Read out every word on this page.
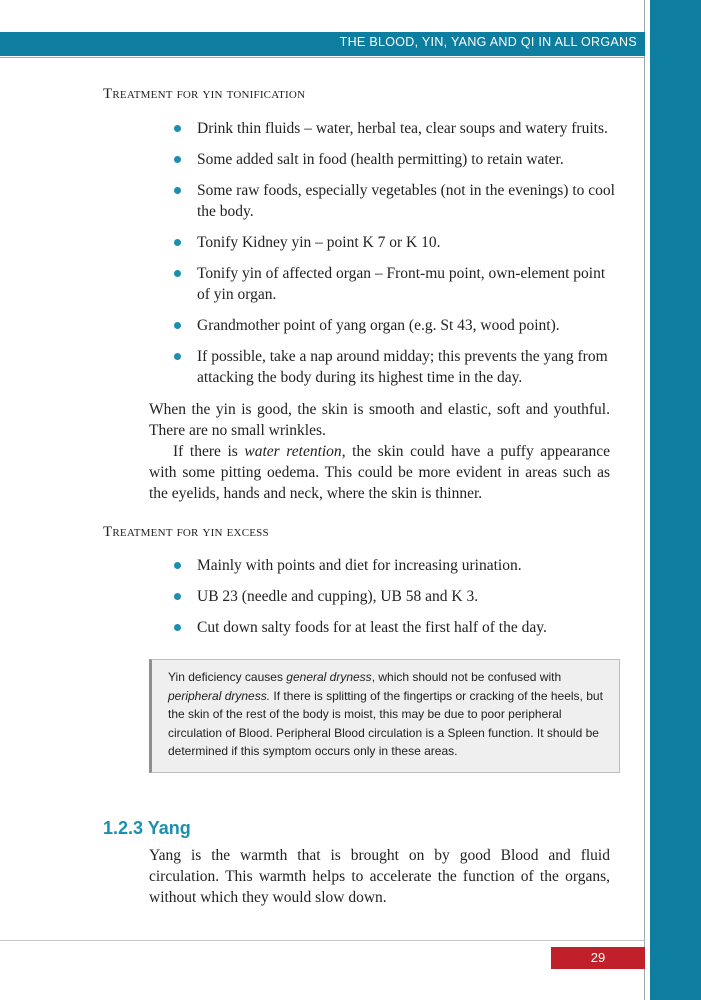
THE BLOOD, YIN, YANG AND QI IN ALL ORGANS
Treatment for yin tonification
Drink thin fluids – water, herbal tea, clear soups and watery fruits.
Some added salt in food (health permitting) to retain water.
Some raw foods, especially vegetables (not in the evenings) to cool the body.
Tonify Kidney yin – point K 7 or K 10.
Tonify yin of affected organ – Front-mu point, own-element point of yin organ.
Grandmother point of yang organ (e.g. St 43, wood point).
If possible, take a nap around midday; this prevents the yang from attacking the body during its highest time in the day.

When the yin is good, the skin is smooth and elastic, soft and youthful. There are no small wrinkles.

If there is water retention, the skin could have a puffy appearance with some pitting oedema. This could be more evident in areas such as the eyelids, hands and neck, where the skin is thinner.

Treatment for yin excess
Mainly with points and diet for increasing urination.
UB 23 (needle and cupping), UB 58 and K 3.
Cut down salty foods for at least the first half of the day.
Yin deficiency causes general dryness, which should not be confused with peripheral dryness. If there is splitting of the fingertips or cracking of the heels, but the skin of the rest of the body is moist, this may be due to poor peripheral circulation of Blood. Peripheral Blood circulation is a Spleen function. It should be determined if this symptom occurs only in these areas.
1.2.3 Yang

Yang is the warmth that is brought on by good Blood and fluid circulation. This warmth helps to accelerate the function of the organs, without which they would slow down.

29
